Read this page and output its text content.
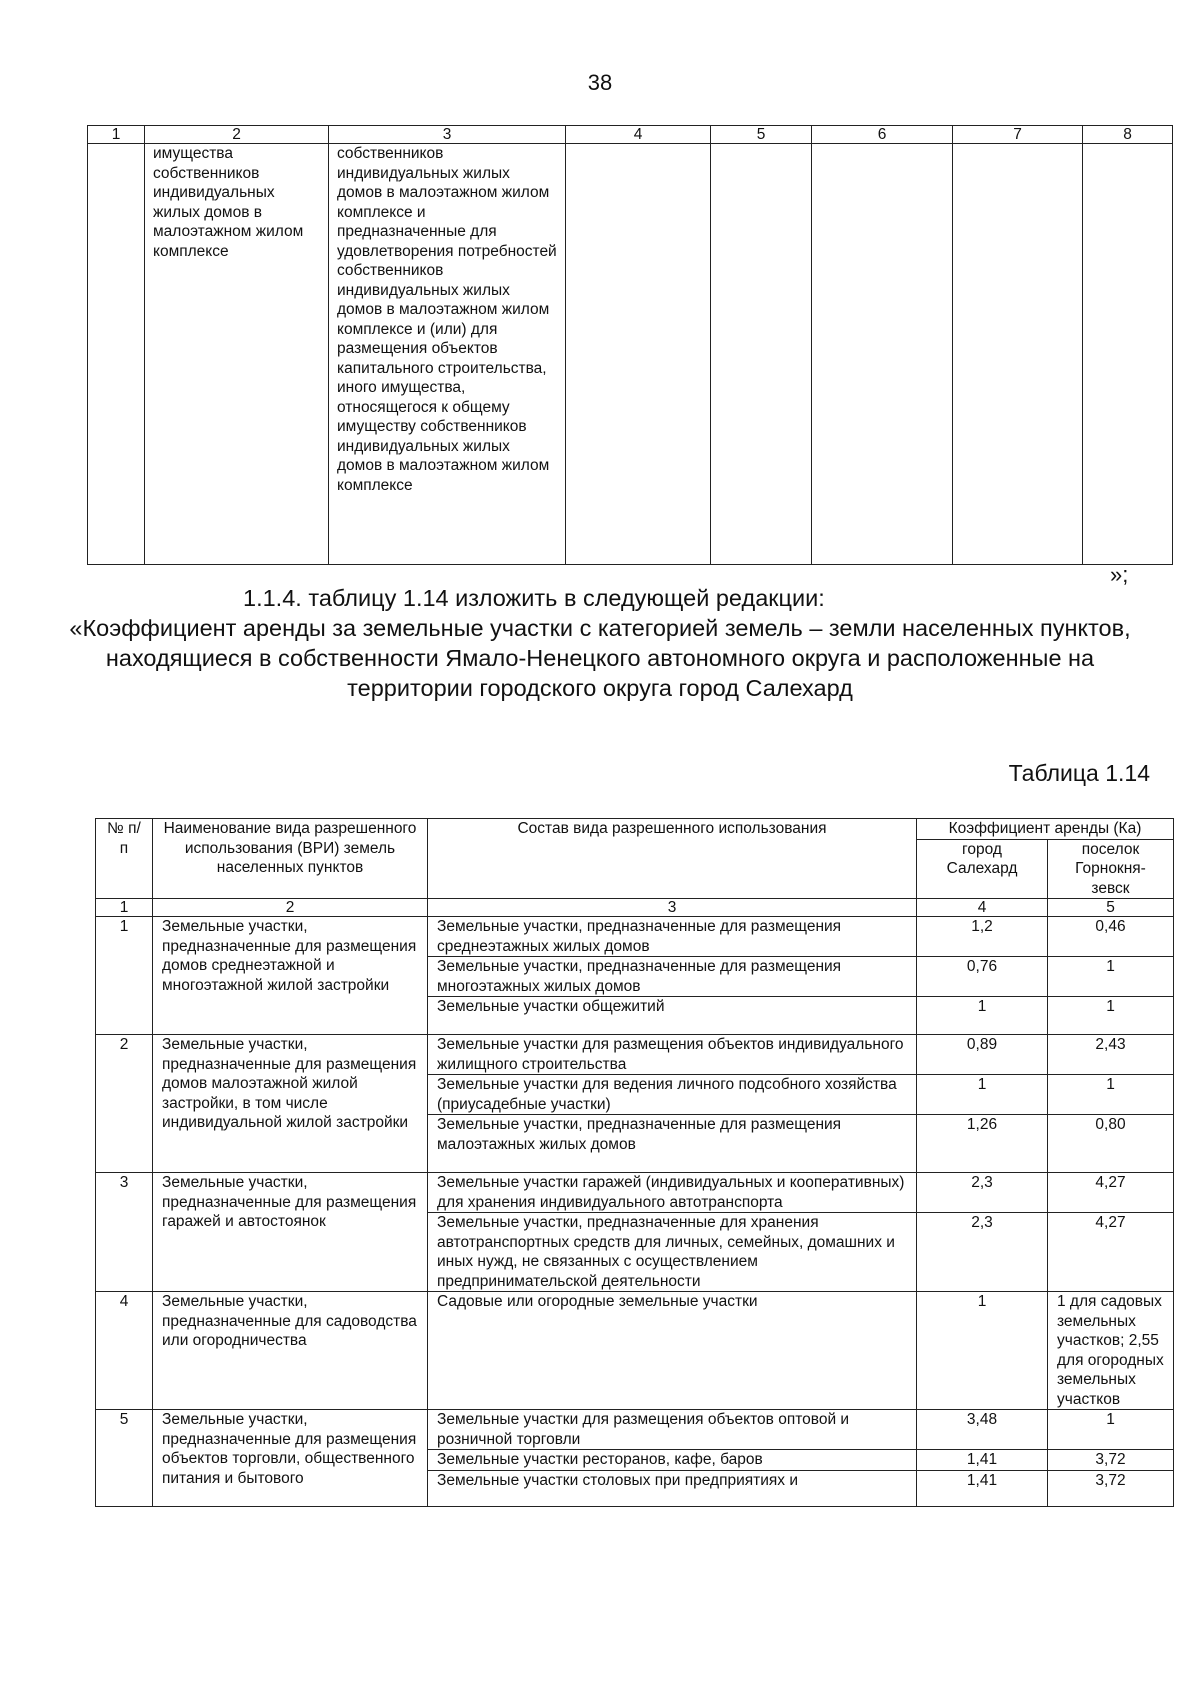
38
1	2	3	4	5	6	7	8
	имущества собственников индивидуальных жилых домов в малоэтажном жилом комплексе	собственников индивидуальных жилых домов в малоэтажном жилом комплексе и предназначенные для удовлетворения потребностей собственников индивидуальных жилых домов в малоэтажном жилом комплексе и (или) для размещения объектов капитального строительства, иного имущества, относящегося к общему имуществу собственников индивидуальных жилых домов в малоэтажном жилом комплексе					
»;
1.1.4. таблицу 1.14 изложить в следующей редакции:
«Коэффициент аренды за земельные участки с категорией земель – земли населенных пунктов, находящиеся в собственности Ямало-Ненецкого автономного округа и расположенные на территории городского округа город Салехард
Таблица 1.14
№ п/п	Наименование вида разрешенного использования (ВРИ) земель населенных пунктов	Состав вида разрешенного использования	Коэффициент аренды (Ка)	
			город Салехард	поселок Горнокня-зевск
1	2	3	4	5
1	Земельные участки, предназначенные для размещения домов среднеэтажной и многоэтажной жилой застройки	Земельные участки, предназначенные для размещения среднеэтажных жилых домов	1,2	0,46
		Земельные участки, предназначенные для размещения многоэтажных жилых домов	0,76	1
		Земельные участки общежитий	1	1
2	Земельные участки, предназначенные для размещения домов малоэтажной жилой застройки, в том числе индивидуальной жилой застройки	Земельные участки для размещения объектов индивидуального жилищного строительства	0,89	2,43
		Земельные участки для ведения личного подсобного хозяйства (приусадебные участки)	1	1
		Земельные участки, предназначенные для размещения малоэтажных жилых домов	1,26	0,80
3	Земельные участки, предназначенные для размещения гаражей и автостоянок	Земельные участки гаражей (индивидуальных и кооперативных) для хранения индивидуального автотранспорта	2,3	4,27
		Земельные участки, предназначенные для хранения автотранспортных средств для личных, семейных, домашних и иных нужд, не связанных с осуществлением предпринимательской деятельности	2,3	4,27
4	Земельные участки, предназначенные для садоводства или огородничества	Садовые или огородные земельные участки	1	1 для садовых земельных участков; 2,55 для огородных земельных участков
5	Земельные участки, предназначенные для размещения объектов торговли, общественного питания и бытового	Земельные участки для размещения объектов оптовой и розничной торговли	3,48	1
		Земельные участки ресторанов, кафе, баров	1,41	3,72
		Земельные участки столовых при предприятиях и	1,41	3,72
